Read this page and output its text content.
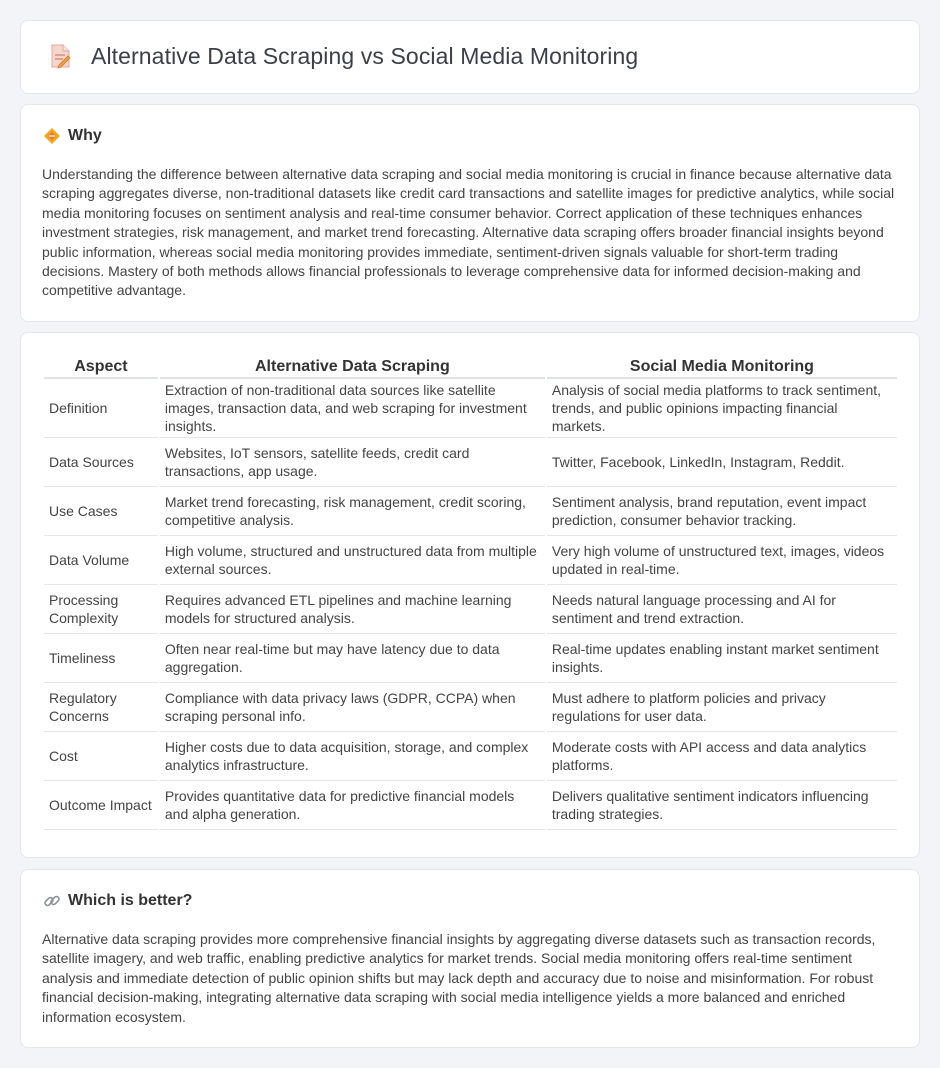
Alternative Data Scraping vs Social Media Monitoring
Why

Understanding the difference between alternative data scraping and social media monitoring is crucial in finance because alternative data scraping aggregates diverse, non-traditional datasets like credit card transactions and satellite images for predictive analytics, while social media monitoring focuses on sentiment analysis and real-time consumer behavior. Correct application of these techniques enhances investment strategies, risk management, and market trend forecasting. Alternative data scraping offers broader financial insights beyond public information, whereas social media monitoring provides immediate, sentiment-driven signals valuable for short-term trading decisions. Mastery of both methods allows financial professionals to leverage comprehensive data for informed decision-making and competitive advantage.

Aspect	Alternative Data Scraping	Social Media Monitoring
Definition	Extraction of non-traditional data sources like satellite images, transaction data, and web scraping for investment insights.	Analysis of social media platforms to track sentiment, trends, and public opinions impacting financial markets.
Data Sources	Websites, IoT sensors, satellite feeds, credit card transactions, app usage.	Twitter, Facebook, LinkedIn, Instagram, Reddit.
Use Cases	Market trend forecasting, risk management, credit scoring, competitive analysis.	Sentiment analysis, brand reputation, event impact prediction, consumer behavior tracking.
Data Volume	High volume, structured and unstructured data from multiple external sources.	Very high volume of unstructured text, images, videos updated in real-time.
Processing Complexity	Requires advanced ETL pipelines and machine learning models for structured analysis.	Needs natural language processing and AI for sentiment and trend extraction.
Timeliness	Often near real-time but may have latency due to data aggregation.	Real-time updates enabling instant market sentiment insights.
Regulatory Concerns	Compliance with data privacy laws (GDPR, CCPA) when scraping personal info.	Must adhere to platform policies and privacy regulations for user data.
Cost	Higher costs due to data acquisition, storage, and complex analytics infrastructure.	Moderate costs with API access and data analytics platforms.
Outcome Impact	Provides quantitative data for predictive financial models and alpha generation.	Delivers qualitative sentiment indicators influencing trading strategies.
Which is better?

Alternative data scraping provides more comprehensive financial insights by aggregating diverse datasets such as transaction records, satellite imagery, and web traffic, enabling predictive analytics for market trends. Social media monitoring offers real-time sentiment analysis and immediate detection of public opinion shifts but may lack depth and accuracy due to noise and misinformation. For robust financial decision-making, integrating alternative data scraping with social media intelligence yields a more balanced and enriched information ecosystem.
